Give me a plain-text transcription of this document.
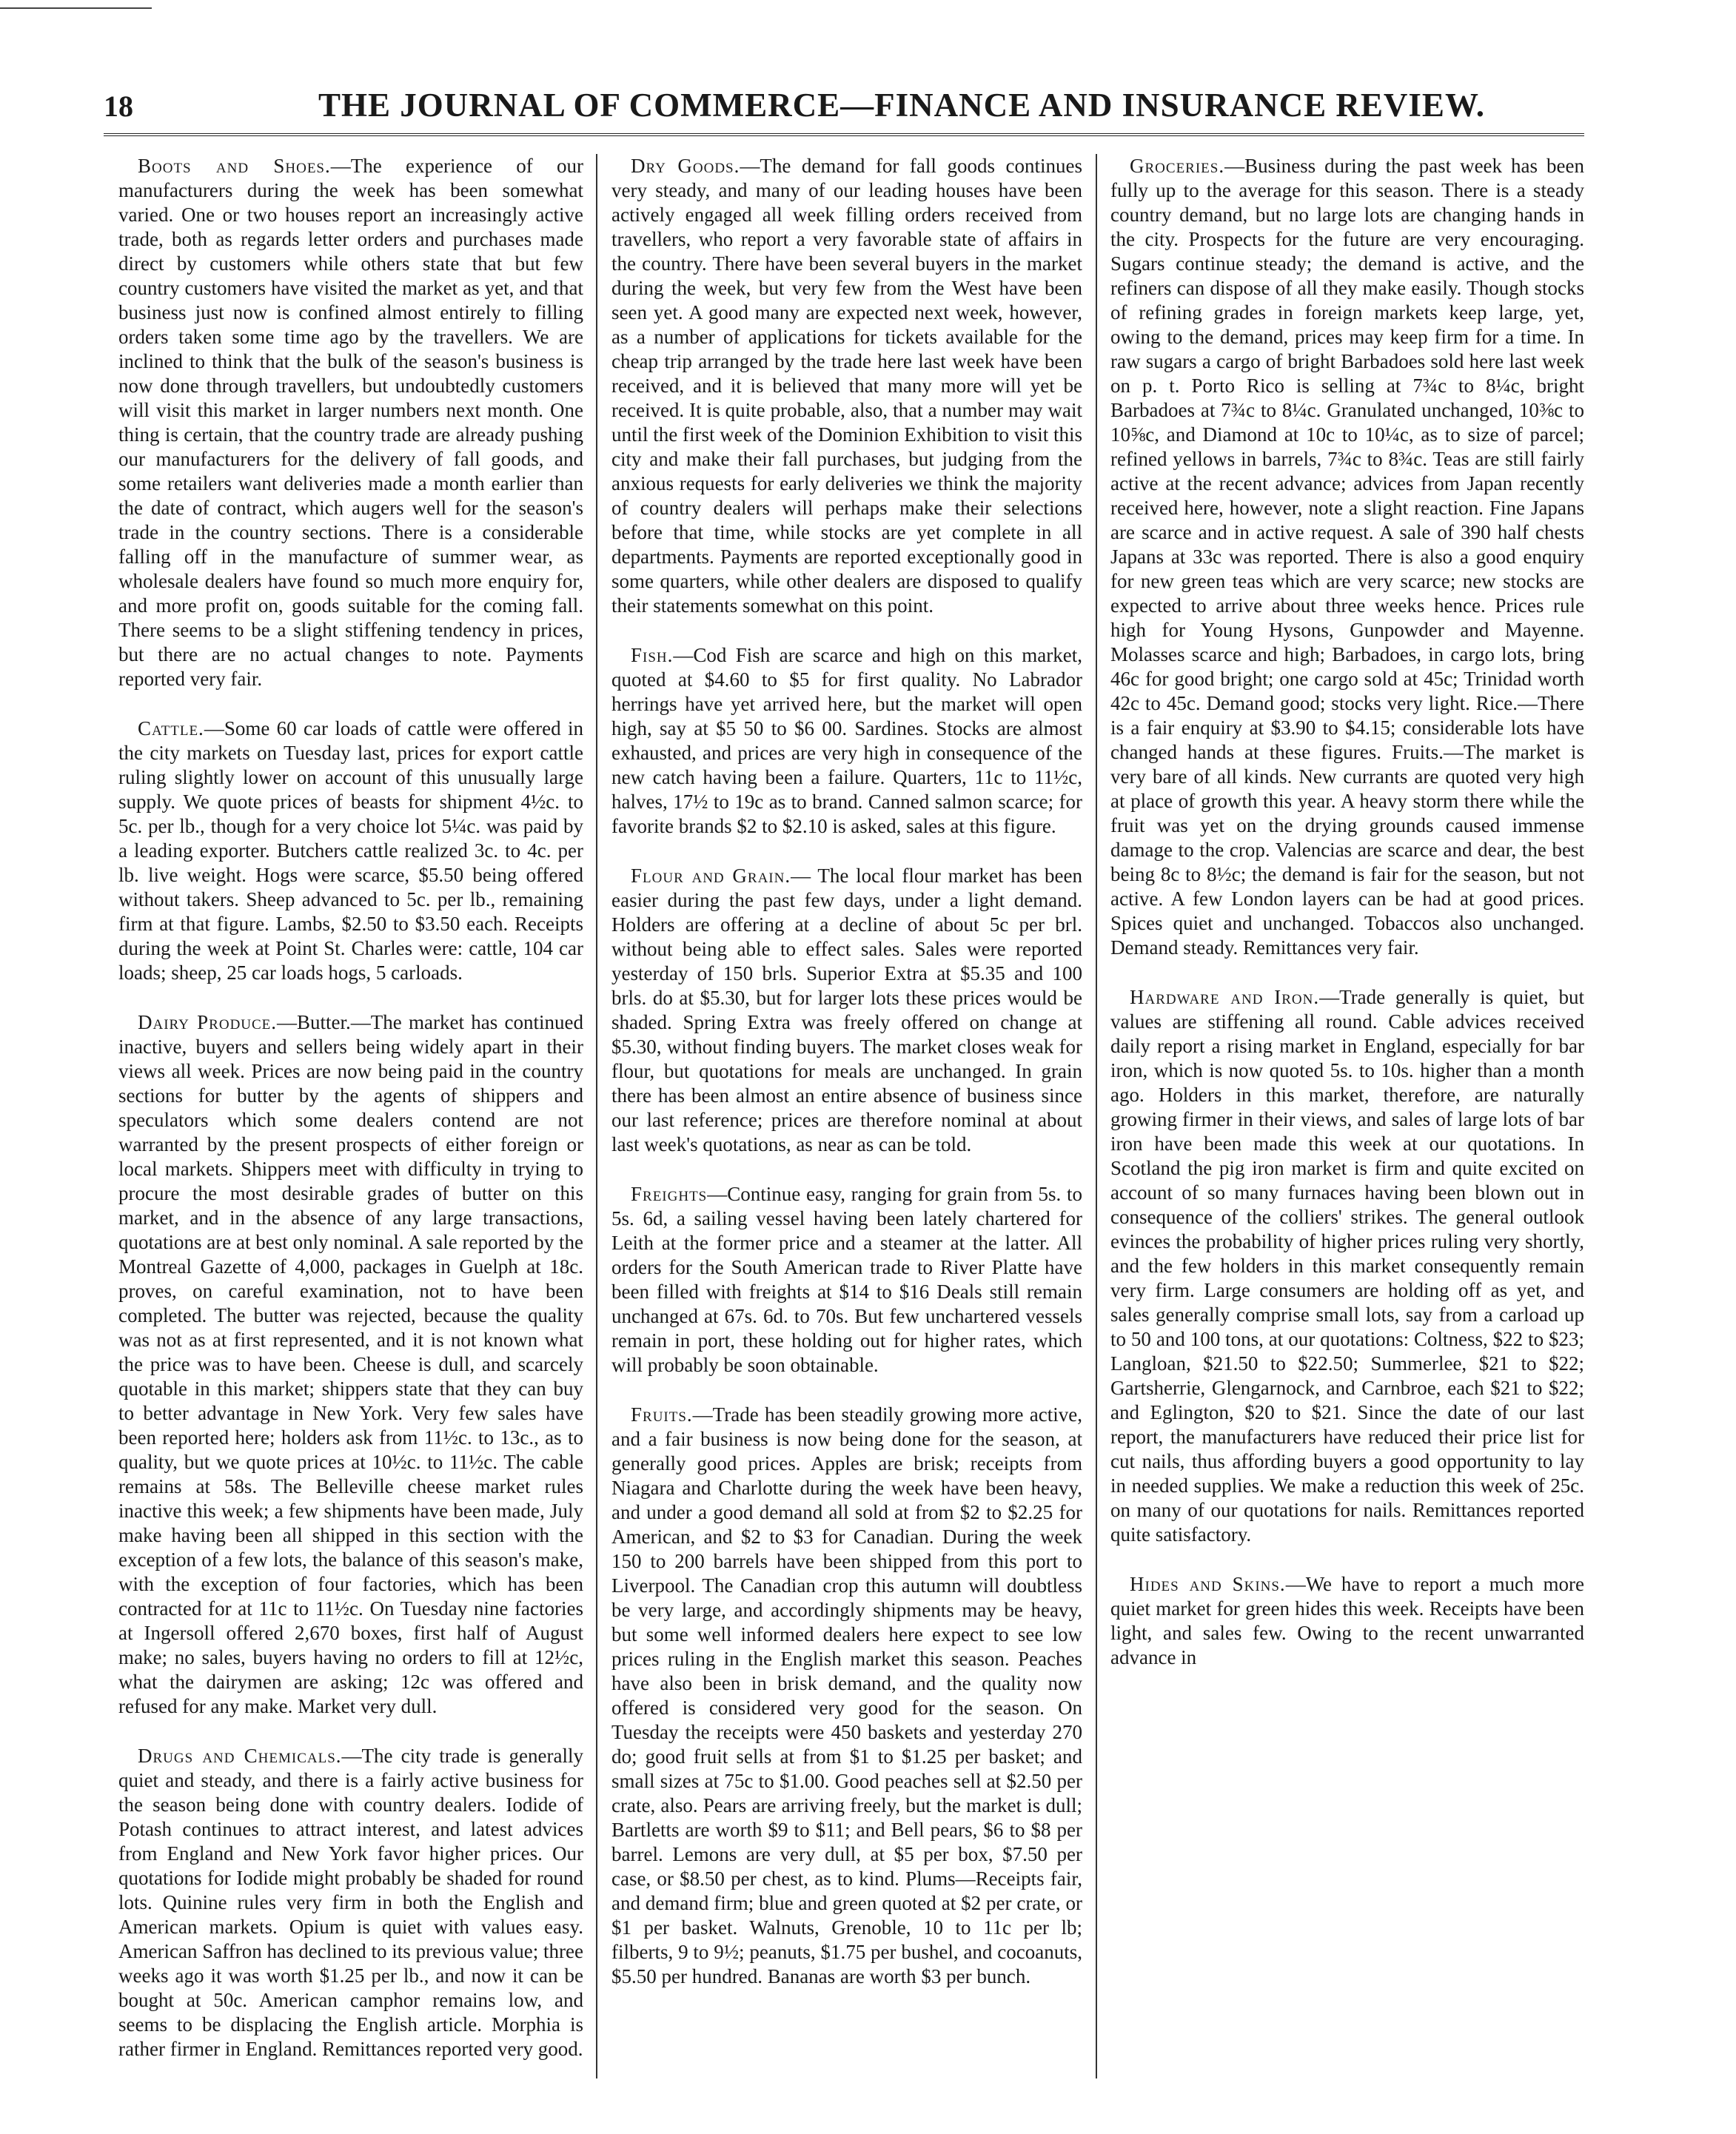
18	THE JOURNAL OF COMMERCE—FINANCE AND INSURANCE REVIEW.

Boots and Shoes.—The experience of our manufacturers during the week has been somewhat varied. One or two houses report an increasingly active trade, both as regards letter orders and purchases made direct by customers while others state that but few country customers have visited the market as yet, and that business just now is confined almost entirely to filling orders taken some time ago by the travellers. We are inclined to think that the bulk of the season's business is now done through travellers, but undoubtedly customers will visit this market in larger numbers next month. One thing is certain, that the country trade are already pushing our manufacturers for the delivery of fall goods, and some retailers want deliveries made a month earlier than the date of contract, which augers well for the season's trade in the country sections. There is a considerable falling off in the manufacture of summer wear, as wholesale dealers have found so much more enquiry for, and more profit on, goods suitable for the coming fall. There seems to be a slight stiffening tendency in prices, but there are no actual changes to note. Payments reported very fair.

Cattle.—Some 60 car loads of cattle were offered in the city markets on Tuesday last, prices for export cattle ruling slightly lower on account of this unusually large supply. We quote prices of beasts for shipment 4½c. to 5c. per lb., though for a very choice lot 5¼c. was paid by a leading exporter. Butchers cattle realized 3c. to 4c. per lb. live weight. Hogs were scarce, $5.50 being offered without takers. Sheep advanced to 5c. per lb., remaining firm at that figure. Lambs, $2.50 to $3.50 each. Receipts during the week at Point St. Charles were: cattle, 104 car loads; sheep, 25 car loads hogs, 5 carloads.

Dairy Produce.—Butter.—The market has continued inactive, buyers and sellers being widely apart in their views all week. Prices are now being paid in the country sections for butter by the agents of shippers and speculators which some dealers contend are not warranted by the present prospects of either foreign or local markets. Shippers meet with difficulty in trying to procure the most desirable grades of butter on this market, and in the absence of any large transactions, quotations are at best only nominal. A sale reported by the Montreal Gazette of 4,000, packages in Guelph at 18c. proves, on careful examination, not to have been completed. The butter was rejected, because the quality was not as at first represented, and it is not known what the price was to have been. Cheese is dull, and scarcely quotable in this market; shippers state that they can buy to better advantage in New York. Very few sales have been reported here; holders ask from 11½c. to 13c., as to quality, but we quote prices at 10½c. to 11½c. The cable remains at 58s. The Belleville cheese market rules inactive this week; a few shipments have been made, July make having been all shipped in this section with the exception of a few lots, the balance of this season's make, with the exception of four factories, which has been contracted for at 11c to 11½c. On Tuesday nine factories at Ingersoll offered 2,670 boxes, first half of August make; no sales, buyers having no orders to fill at 12½c, what the dairymen are asking; 12c was offered and refused for any make. Market very dull.

Drugs and Chemicals.—The city trade is generally quiet and steady, and there is a fairly active business for the season being done with country dealers. Iodide of Potash continues to attract interest, and latest advices from England and New York favor higher prices. Our quotations for Iodide might probably be shaded for round lots. Quinine rules very firm in both the English and American markets. Opium is quiet with values easy. American Saffron has declined to its previous value; three weeks ago it was worth $1.25 per lb., and now it can be bought at 50c. American camphor remains low, and seems to be displacing the English article. Morphia is rather firmer in England. Remittances reported very good.

Dry Goods.—The demand for fall goods continues very steady, and many of our leading houses have been actively engaged all week filling orders received from travellers, who report a very favorable state of affairs in the country. There have been several buyers in the market during the week, but very few from the West have been seen yet. A good many are expected next week, however, as a number of applications for tickets available for the cheap trip arranged by the trade here last week have been received, and it is believed that many more will yet be received. It is quite probable, also, that a number may wait until the first week of the Dominion Exhibition to visit this city and make their fall purchases, but judging from the anxious requests for early deliveries we think the majority of country dealers will perhaps make their selections before that time, while stocks are yet complete in all departments. Payments are reported exceptionally good in some quarters, while other dealers are disposed to qualify their statements somewhat on this point.

Fish.—Cod Fish are scarce and high on this market, quoted at $4.60 to $5 for first quality. No Labrador herrings have yet arrived here, but the market will open high, say at $5 50 to $6 00. Sardines. Stocks are almost exhausted, and prices are very high in consequence of the new catch having been a failure. Quarters, 11c to 11½c, halves, 17½ to 19c as to brand. Canned salmon scarce; for favorite brands $2 to $2.10 is asked, sales at this figure.

Flour and Grain.— The local flour market has been easier during the past few days, under a light demand. Holders are offering at a decline of about 5c per brl. without being able to effect sales. Sales were reported yesterday of 150 brls. Superior Extra at $5.35 and 100 brls. do at $5.30, but for larger lots these prices would be shaded. Spring Extra was freely offered on change at $5.30, without finding buyers. The market closes weak for flour, but quotations for meals are unchanged. In grain there has been almost an entire absence of business since our last reference; prices are therefore nominal at about last week's quotations, as near as can be told.

Freights—Continue easy, ranging for grain from 5s. to 5s. 6d, a sailing vessel having been lately chartered for Leith at the former price and a steamer at the latter. All orders for the South American trade to River Platte have been filled with freights at $14 to $16 Deals still remain unchanged at 67s. 6d. to 70s. But few unchartered vessels remain in port, these holding out for higher rates, which will probably be soon obtainable.

Fruits.—Trade has been steadily growing more active, and a fair business is now being done for the season, at generally good prices. Apples are brisk; receipts from Niagara and Charlotte during the week have been heavy, and under a good demand all sold at from $2 to $2.25 for American, and $2 to $3 for Canadian. During the week 150 to 200 barrels have been shipped from this port to Liverpool. The Canadian crop this autumn will doubtless be very large, and accordingly shipments may be heavy, but some well informed dealers here expect to see low prices ruling in the English market this season. Peaches have also been in brisk demand, and the quality now offered is considered very good for the season. On Tuesday the receipts were 450 baskets and yesterday 270 do; good fruit sells at from $1 to $1.25 per basket; and small sizes at 75c to $1.00. Good peaches sell at $2.50 per crate, also. Pears are arriving freely, but the market is dull; Bartletts are worth $9 to $11; and Bell pears, $6 to $8 per barrel. Lemons are very dull, at $5 per box, $7.50 per case, or $8.50 per chest, as to kind. Plums—Receipts fair, and demand firm; blue and green quoted at $2 per crate, or $1 per basket. Walnuts, Grenoble, 10 to 11c per lb; filberts, 9 to 9½; peanuts, $1.75 per bushel, and cocoanuts, $5.50 per hundred. Bananas are worth $3 per bunch.

Groceries.—Business during the past week has been fully up to the average for this season. There is a steady country demand, but no large lots are changing hands in the city. Prospects for the future are very encouraging. Sugars continue steady; the demand is active, and the refiners can dispose of all they make easily. Though stocks of refining grades in foreign markets keep large, yet, owing to the demand, prices may keep firm for a time. In raw sugars a cargo of bright Barbadoes sold here last week on p. t. Porto Rico is selling at 7¾c to 8¼c, bright Barbadoes at 7¾c to 8¼c. Granulated unchanged, 10⅜c to 10⅝c, and Diamond at 10c to 10¼c, as to size of parcel; refined yellows in barrels, 7¾c to 8¾c. Teas are still fairly active at the recent advance; advices from Japan recently received here, however, note a slight reaction. Fine Japans are scarce and in active request. A sale of 390 half chests Japans at 33c was reported. There is also a good enquiry for new green teas which are very scarce; new stocks are expected to arrive about three weeks hence. Prices rule high for Young Hysons, Gunpowder and Mayenne. Molasses scarce and high; Barbadoes, in cargo lots, bring 46c for good bright; one cargo sold at 45c; Trinidad worth 42c to 45c. Demand good; stocks very light. Rice.—There is a fair enquiry at $3.90 to $4.15; considerable lots have changed hands at these figures. Fruits.—The market is very bare of all kinds. New currants are quoted very high at place of growth this year. A heavy storm there while the fruit was yet on the drying grounds caused immense damage to the crop. Valencias are scarce and dear, the best being 8c to 8½c; the demand is fair for the season, but not active. A few London layers can be had at good prices. Spices quiet and unchanged. Tobaccos also unchanged. Demand steady. Remittances very fair.

Hardware and Iron.—Trade generally is quiet, but values are stiffening all round. Cable advices received daily report a rising market in England, especially for bar iron, which is now quoted 5s. to 10s. higher than a month ago. Holders in this market, therefore, are naturally growing firmer in their views, and sales of large lots of bar iron have been made this week at our quotations. In Scotland the pig iron market is firm and quite excited on account of so many furnaces having been blown out in consequence of the colliers' strikes. The general outlook evinces the probability of higher prices ruling very shortly, and the few holders in this market consequently remain very firm. Large consumers are holding off as yet, and sales generally comprise small lots, say from a carload up to 50 and 100 tons, at our quotations: Coltness, $22 to $23; Langloan, $21.50 to $22.50; Summerlee, $21 to $22; Gartsherrie, Glengarnock, and Carnbroe, each $21 to $22; and Eglington, $20 to $21. Since the date of our last report, the manufacturers have reduced their price list for cut nails, thus affording buyers a good opportunity to lay in needed supplies. We make a reduction this week of 25c. on many of our quotations for nails. Remittances reported quite satisfactory.

Hides and Skins.—We have to report a much more quiet market for green hides this week. Receipts have been light, and sales few. Owing to the recent unwarranted advance in
